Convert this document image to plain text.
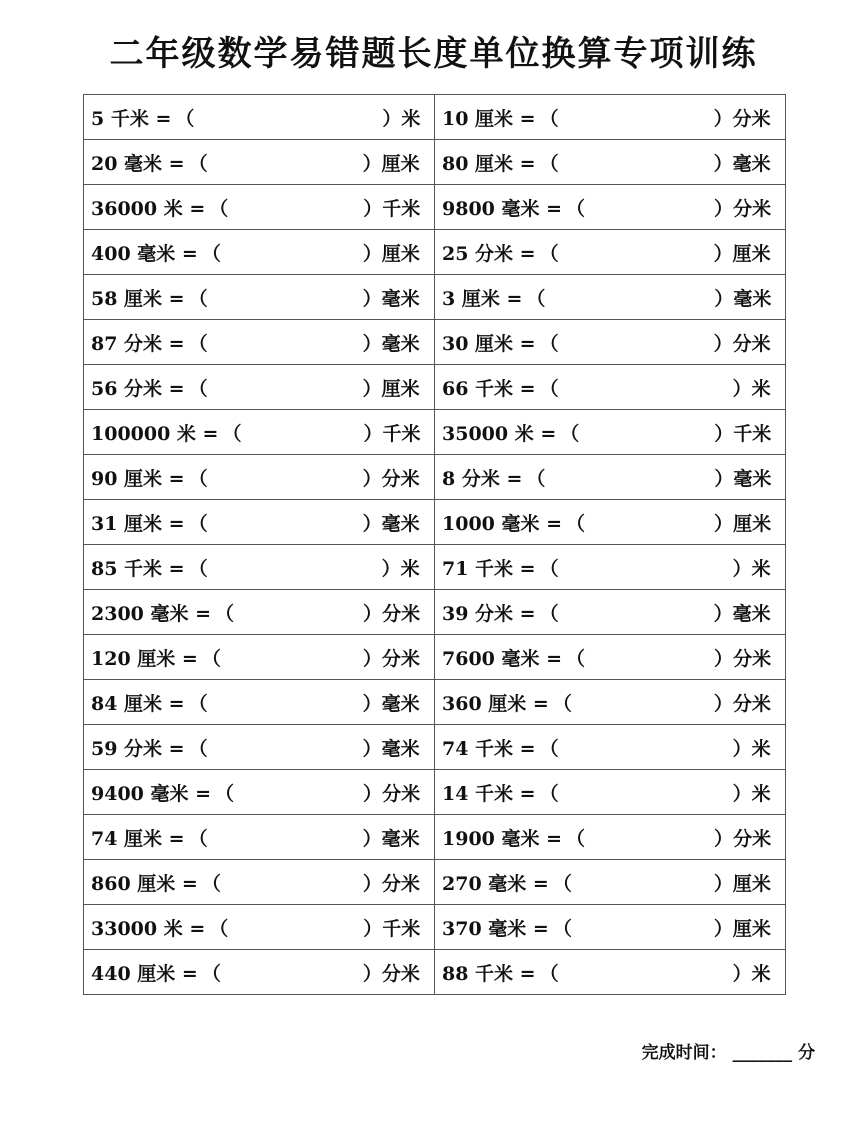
二年级数学易错题长度单位换算专项训练
5 千米 = （ ）米	10 厘米 = （ ）分米
20 毫米 = （ ）厘米	80 厘米 = （ ）毫米
36000 米 = （ ）千米	9800 毫米 = （ ）分米
400 毫米 = （ ）厘米	25 分米 = （ ）厘米
58 厘米 = （ ）毫米	3 厘米 = （ ）毫米
87 分米 = （ ）毫米	30 厘米 = （ ）分米
56 分米 = （ ）厘米	66 千米 = （ ）米
100000 米 = （ ）千米	35000 米 = （ ）千米
90 厘米 = （ ）分米	8 分米 = （ ）毫米
31 厘米 = （ ）毫米	1000 毫米 = （ ）厘米
85 千米 = （ ）米	71 千米 = （ ）米
2300 毫米 = （ ）分米	39 分米 = （ ）毫米
120 厘米 = （ ）分米	7600 毫米 = （ ）分米
84 厘米 = （ ）毫米	360 厘米 = （ ）分米
59 分米 = （ ）毫米	74 千米 = （ ）米
9400 毫米 = （ ）分米	14 千米 = （ ）米
74 厘米 = （ ）毫米	1900 毫米 = （ ）分米
860 厘米 = （ ）分米	270 毫米 = （ ）厘米
33000 米 = （ ）千米	370 毫米 = （ ）厘米
440 厘米 = （ ）分米	88 千米 = （ ）米
完成时间： _______ 分
